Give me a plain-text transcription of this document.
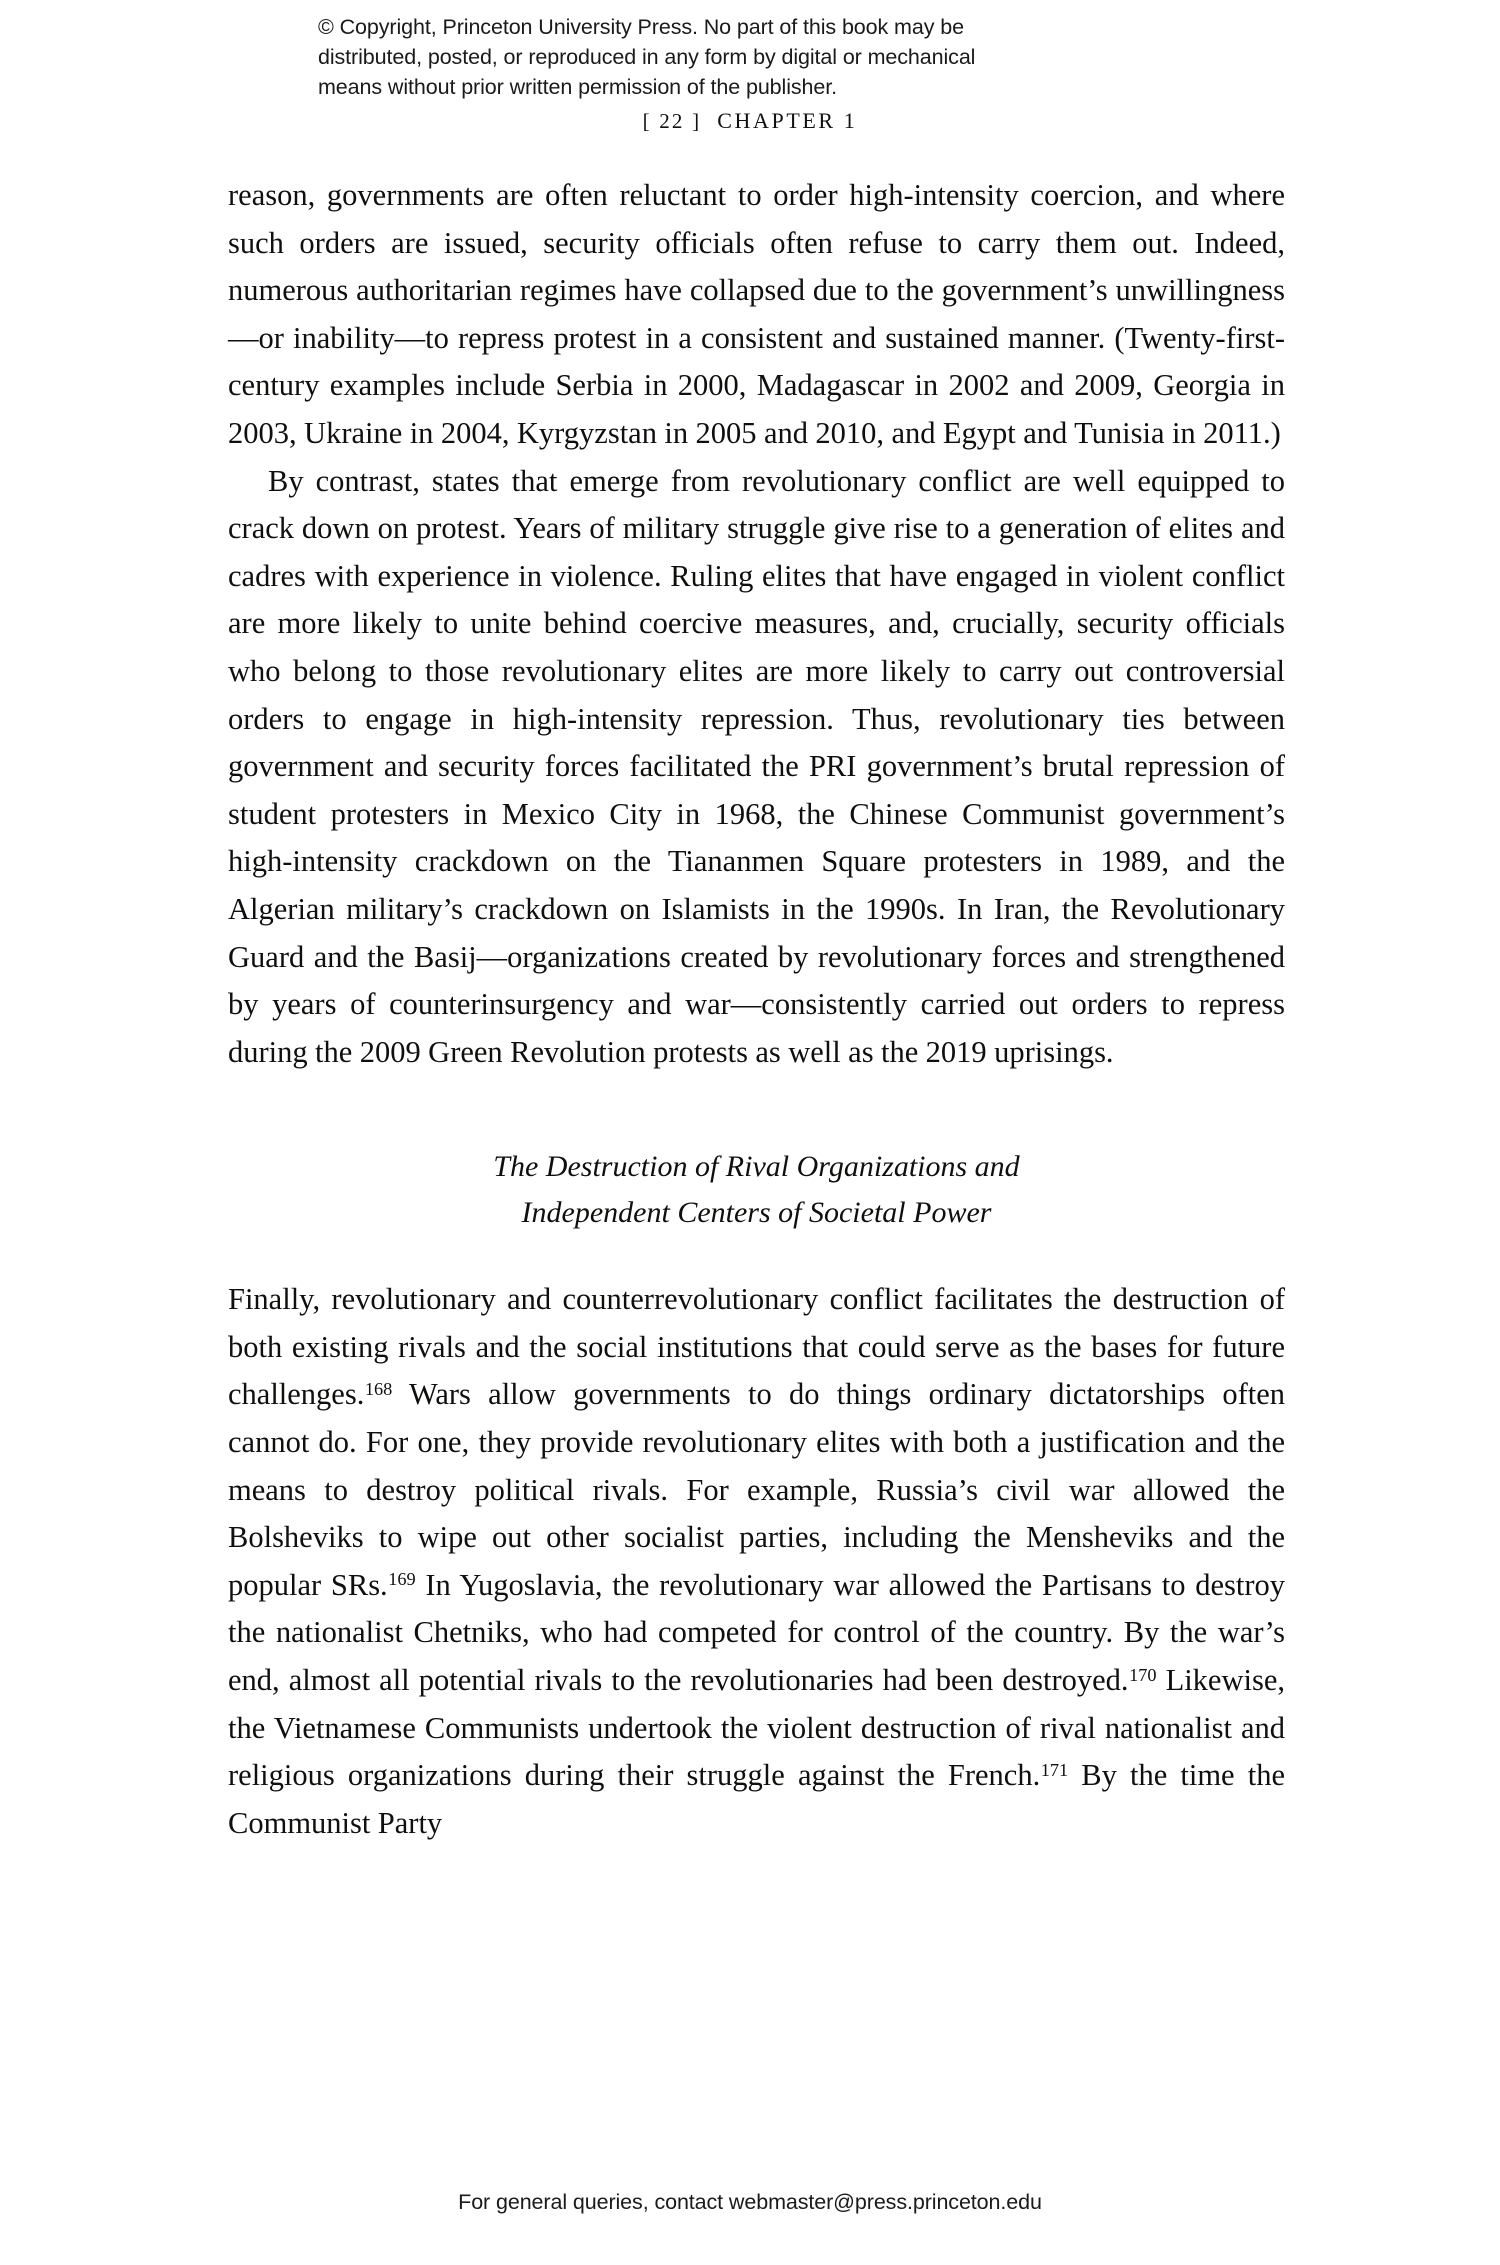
© Copyright, Princeton University Press. No part of this book may be
distributed, posted, or reproduced in any form by digital or mechanical
means without prior written permission of the publisher.
[ 22 ] CHAPTER 1

reason, governments are often reluctant to order high-intensity coercion, and where such orders are issued, security officials often refuse to carry them out. Indeed, numerous authoritarian regimes have collapsed due to the government’s unwillingness—or inability—to repress protest in a consistent and sustained manner. (Twenty-first-century examples include Serbia in 2000, Madagascar in 2002 and 2009, Georgia in 2003, Ukraine in 2004, Kyrgyzstan in 2005 and 2010, and Egypt and Tunisia in 2011.)

By contrast, states that emerge from revolutionary conflict are well equipped to crack down on protest. Years of military struggle give rise to a generation of elites and cadres with experience in violence. Ruling elites that have engaged in violent conflict are more likely to unite behind coercive measures, and, crucially, security officials who belong to those revolutionary elites are more likely to carry out controversial orders to engage in high-intensity repression. Thus, revolutionary ties between government and security forces facilitated the PRI government’s brutal repression of student protesters in Mexico City in 1968, the Chinese Communist government’s high-intensity crackdown on the Tiananmen Square protesters in 1989, and the Algerian military’s crackdown on Islamists in the 1990s. In Iran, the Revolutionary Guard and the Basij—organizations created by revolutionary forces and strengthened by years of counterinsurgency and war—consistently carried out orders to repress during the 2009 Green Revolution protests as well as the 2019 uprisings.

The Destruction of Rival Organizations and
Independent Centers of Societal Power

Finally, revolutionary and counterrevolutionary conflict facilitates the destruction of both existing rivals and the social institutions that could serve as the bases for future challenges.$^{168}$ Wars allow governments to do things ordinary dictatorships often cannot do. For one, they provide revolutionary elites with both a justification and the means to destroy political rivals. For example, Russia’s civil war allowed the Bolsheviks to wipe out other socialist parties, including the Mensheviks and the popular SRs.$^{169}$ In Yugoslavia, the revolutionary war allowed the Partisans to destroy the nationalist Chetniks, who had competed for control of the country. By the war’s end, almost all potential rivals to the revolutionaries had been destroyed.$^{170}$ Likewise, the Vietnamese Communists undertook the violent destruction of rival nationalist and religious organizations during their struggle against the French.$^{171}$ By the time the Communist Party

For general queries, contact webmaster@press.princeton.edu
